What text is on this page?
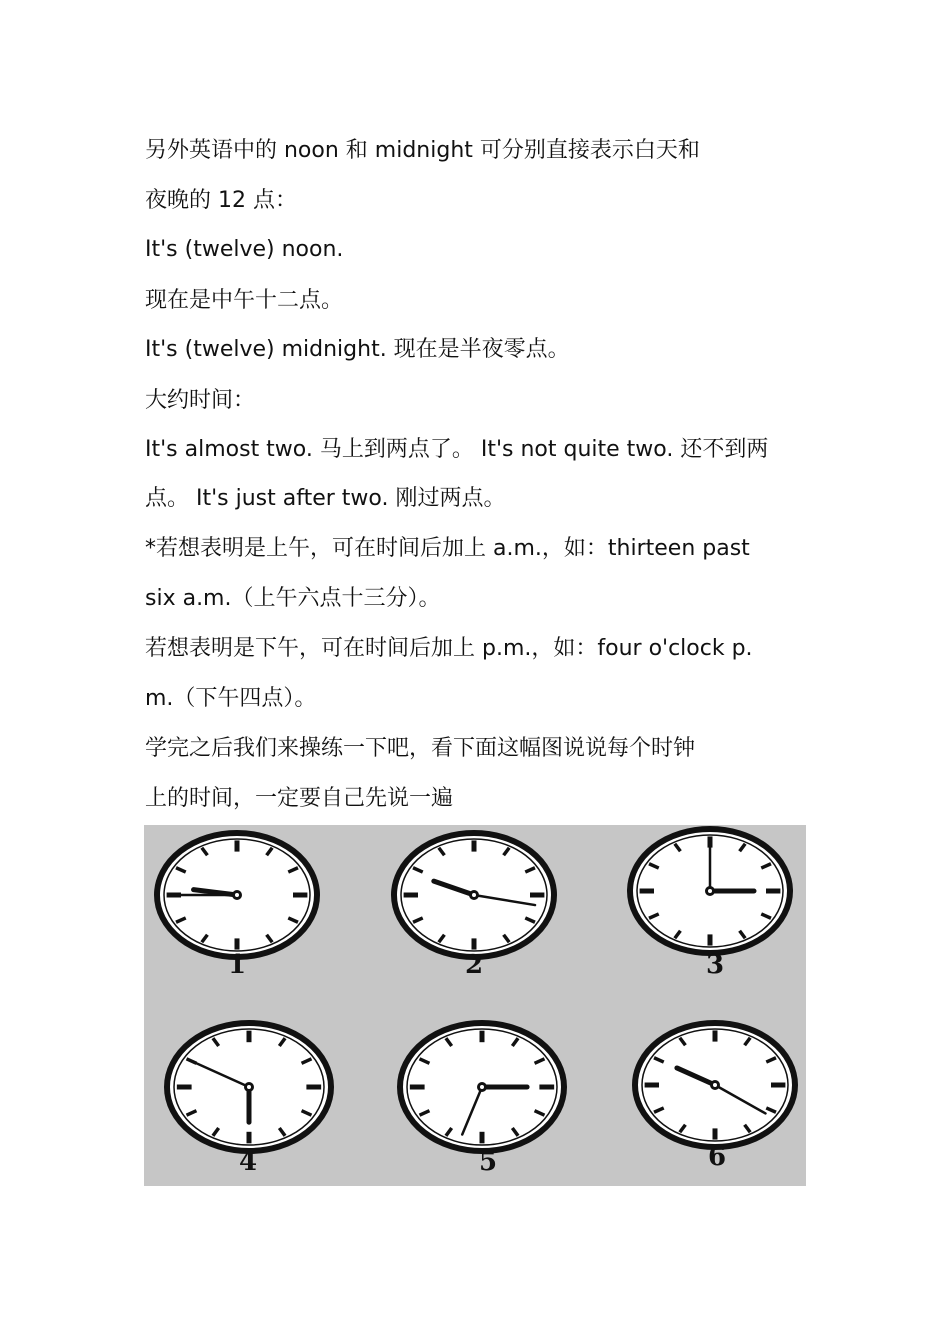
另外英语中的 noon 和 midnight 可分别直接表示白天和
夜晚的 12 点：
It's (twelve) noon.
现在是中午十二点。
It's (twelve) midnight. 现在是半夜零点。
大约时间：
It's almost two. 马上到两点了。 It's not quite two. 还不到两
点。 It's just after two. 刚过两点。
*若想表明是上午，可在时间后加上 a.m.，如：thirteen past
six a.m.（上午六点十三分）。
若想表明是下午，可在时间后加上 p.m.，如：four o'clock p.
m.（下午四点）。
学完之后我们来操练一下吧，看下面这幅图说说每个时钟
上的时间，一定要自己先说一遍
1	2	3
4	5	6
